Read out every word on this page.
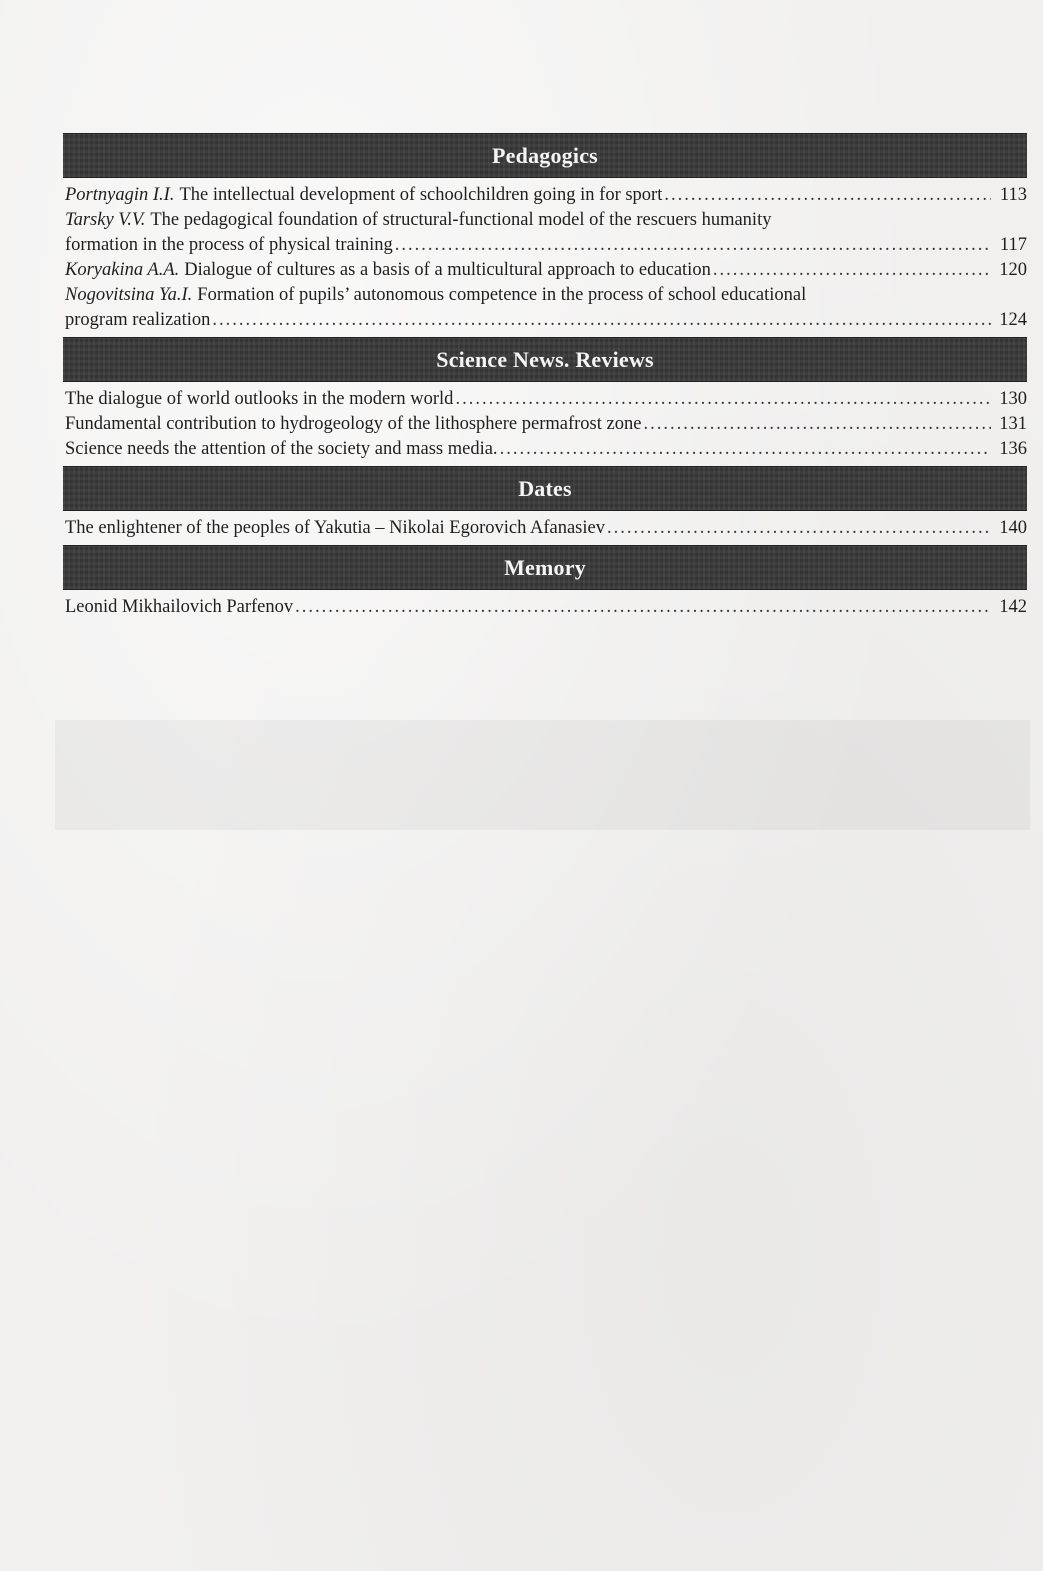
Pedagogics
Portnyagin I.I. The intellectual development of schoolchildren going in for sport .....	113
Tarsky V.V. The pedagogical foundation of structural-functional model of the rescuers humanity
formation in the process of physical training .....	117
Koryakina A.A. Dialogue of cultures as a basis of a multicultural approach to education .....	120
Nogovitsina Ya.I. Formation of pupils’ autonomous competence in the process of school educational
program realization .....	124
Science News. Reviews
The dialogue of world outlooks in the modern world .....	130
Fundamental contribution to hydrogeology of the lithosphere permafrost zone .....	131
Science needs the attention of the society and mass media. .....	136
Dates
The enlightener of the peoples of Yakutia – Nikolai Egorovich Afanasiev .....	140
Memory
Leonid Mikhailovich Parfenov .....	142
